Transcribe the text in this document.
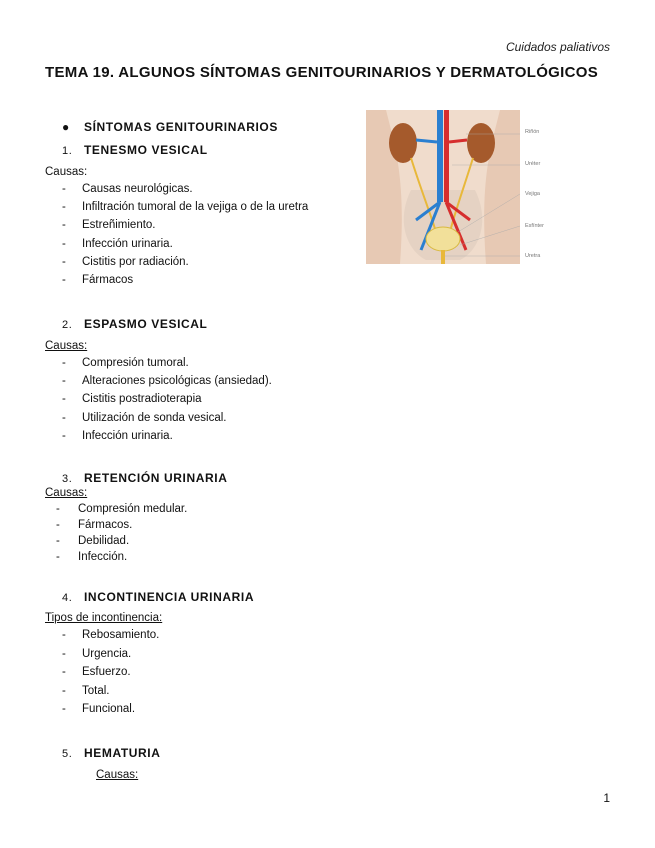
Cuidados paliativos
TEMA 19. ALGUNOS SÍNTOMAS GENITOURINARIOS Y DERMATOLÓGICOS
● SÍNTOMAS GENITOURINARIOS
1. TENESMO VESICAL
Causas:
- Causas neurológicas.
- Infiltración tumoral de la vejiga o de la uretra
- Estreñimiento.
- Infección urinaria.
- Cistitis por radiación.
- Fármacos
2. ESPASMO VESICAL
Causas:
- Compresión tumoral.
- Alteraciones psicológicas (ansiedad).
- Cistitis postradioterapia
- Utilización de sonda vesical.
- Infección urinaria.
3. RETENCIÓN URINARIA
Causas:
- Compresión medular.
- Fármacos.
- Debilidad.
- Infección.
4. INCONTINENCIA URINARIA
Tipos de incontinencia:
- Rebosamiento.
- Urgencia.
- Esfuerzo.
- Total.
- Funcional.
5. HEMATURIA
Causas:
1
Riñón
Uréter
Vejiga
Esfínter
Uretra
